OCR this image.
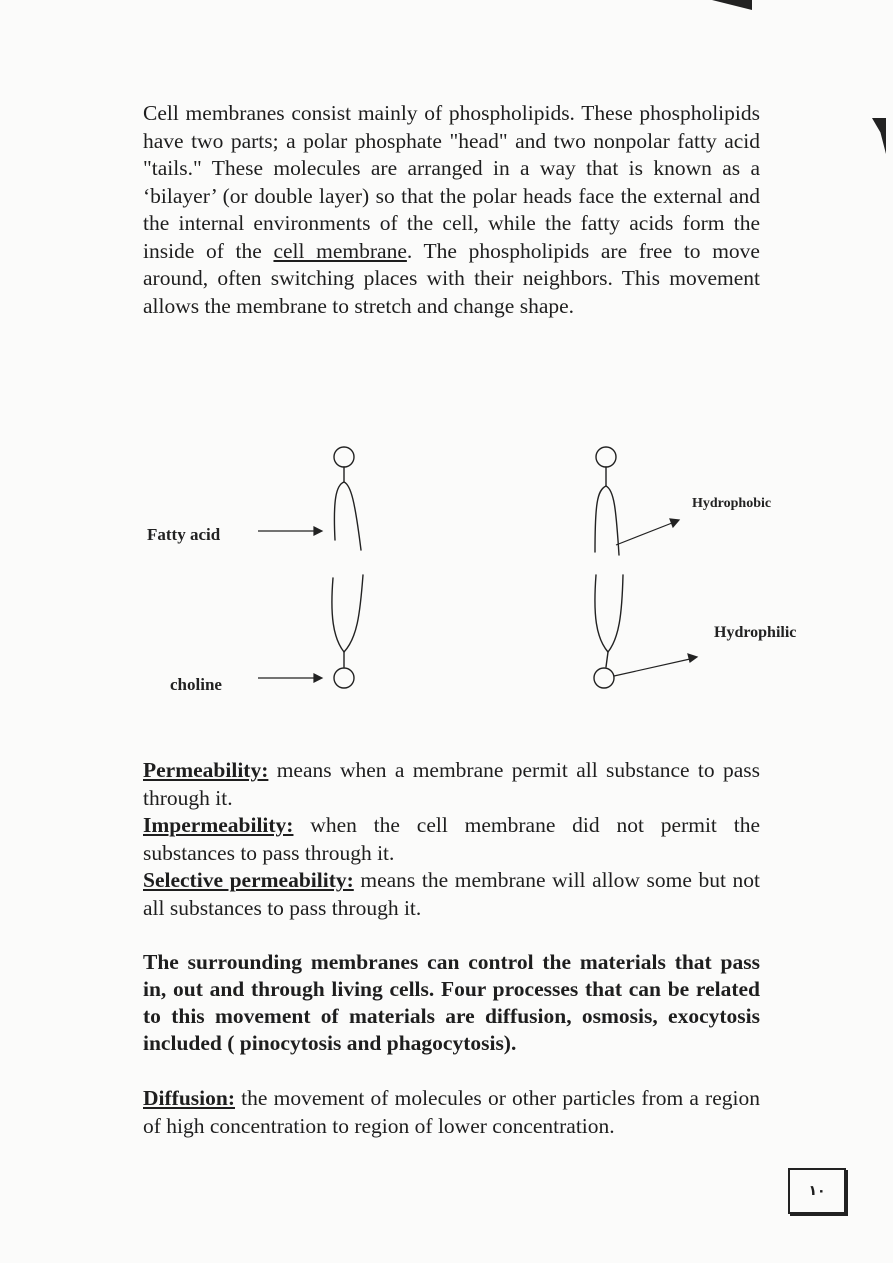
Cell membranes consist mainly of phospholipids. These phospholipids have two parts; a polar phosphate "head" and two nonpolar fatty acid "tails." These molecules are arranged in a way that is known as a ‘bilayer’ (or double layer) so that the polar heads face the external and the internal environments of the cell, while the fatty acids form the inside of the cell membrane. The phospholipids are free to move around, often switching places with their neighbors. This movement allows the membrane to stretch and change shape.

Fatty acid
choline
Hydrophobic
Hydrophilic
Permeability: means when a membrane permit all substance to pass through it.
Impermeability: when the cell membrane did not permit the substances to pass through it.
Selective permeability: means the membrane will allow some but not all substances to pass through it.

The surrounding membranes can control the materials that pass in, out and through living cells. Four processes that can be related to this movement of materials are diffusion, osmosis, exocytosis included ( pinocytosis and phagocytosis).

Diffusion: the movement of molecules or other particles from a region of high concentration to region of lower concentration.

١٠
